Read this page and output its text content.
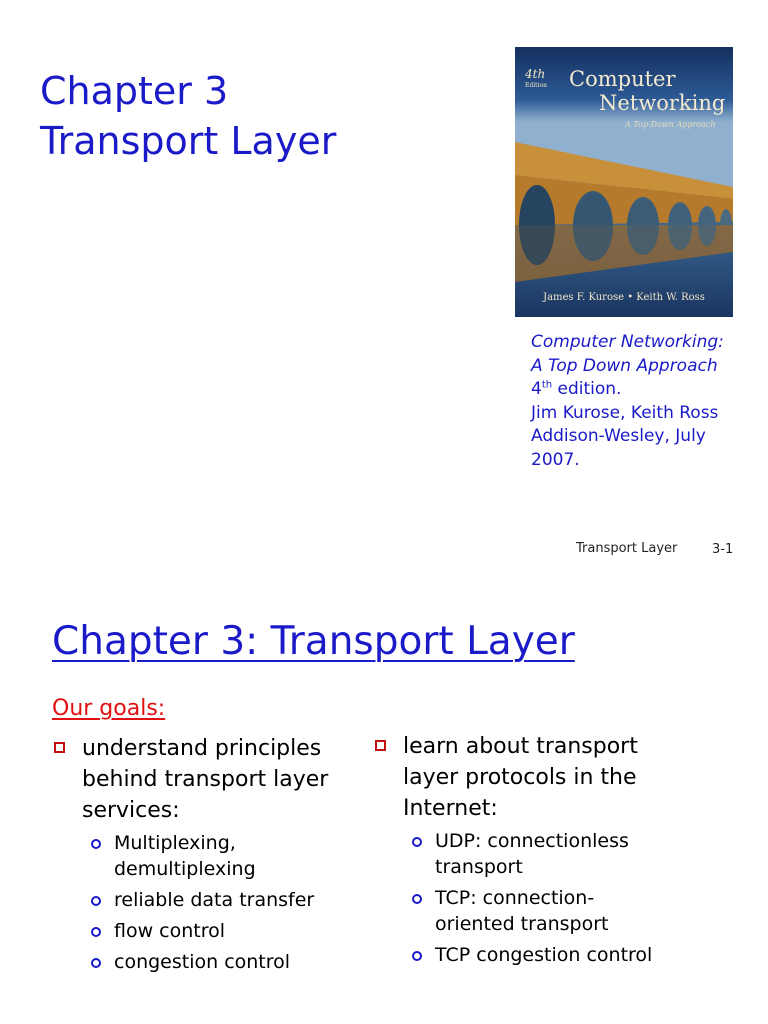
Chapter 3
Transport Layer
4th
Edition Computer
Networking
A Top-Down Approach
James F. Kurose • Keith W. Ross
Computer Networking:
A Top Down Approach
4th edition.
Jim Kurose, Keith Ross
Addison-Wesley, July
2007.
Transport Layer	3-1
Chapter 3: Transport Layer
Our goals:
understand principles behind transport layer services:
Multiplexing, demultiplexing
reliable data transfer
flow control
congestion control
learn about transport layer protocols in the Internet:
UDP: connectionless transport
TCP: connection-oriented transport
TCP congestion control
